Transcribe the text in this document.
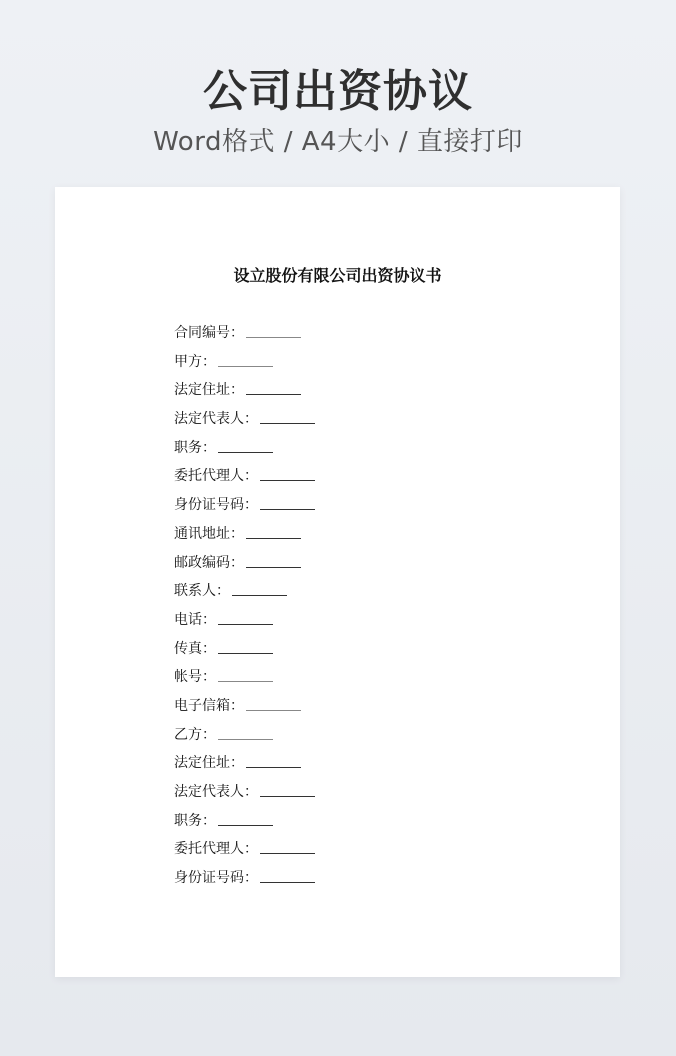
公司出资协议
Word格式 / A4大小 / 直接打印
设立股份有限公司出资协议书
合同编号：
甲方：
法定住址：
法定代表人：
职务：
委托代理人：
身份证号码：
通讯地址：
邮政编码：
联系人：
电话：
传真：
帐号：
电子信箱：
乙方：
法定住址：
法定代表人：
职务：
委托代理人：
身份证号码：
